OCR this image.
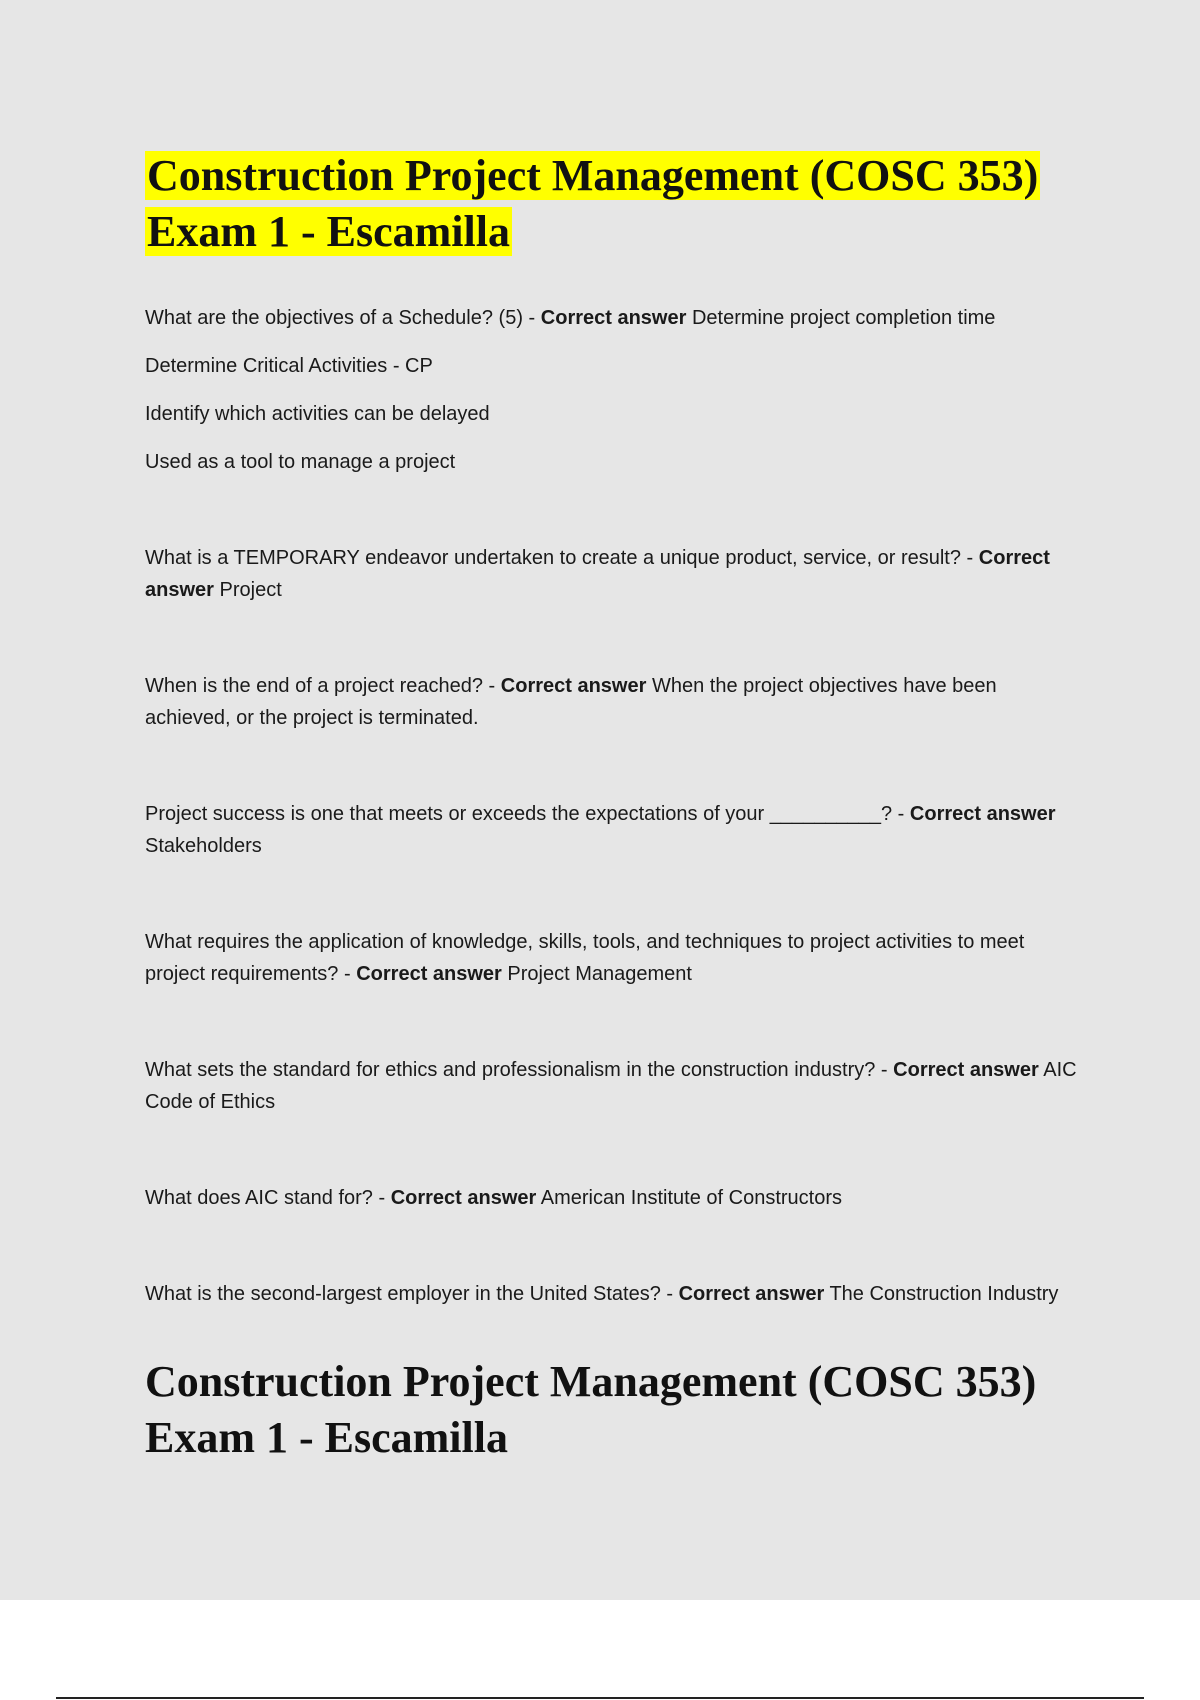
Construction Project Management (COSC 353) Exam 1 - Escamilla

What are the objectives of a Schedule? (5) - Correct answer Determine project completion time

Determine Critical Activities - CP

Identify which activities can be delayed

Used as a tool to manage a project

What is a TEMPORARY endeavor undertaken to create a unique product, service, or result? - Correct answer Project

When is the end of a project reached? - Correct answer When the project objectives have been achieved, or the project is terminated.

Project success is one that meets or exceeds the expectations of your __________? - Correct answer Stakeholders

What requires the application of knowledge, skills, tools, and techniques to project activities to meet project requirements? - Correct answer Project Management

What sets the standard for ethics and professionalism in the construction industry? - Correct answer AIC Code of Ethics

What does AIC stand for? - Correct answer American Institute of Constructors

What is the second-largest employer in the United States? - Correct answer The Construction Industry

Construction Project Management (COSC 353) Exam 1 - Escamilla
